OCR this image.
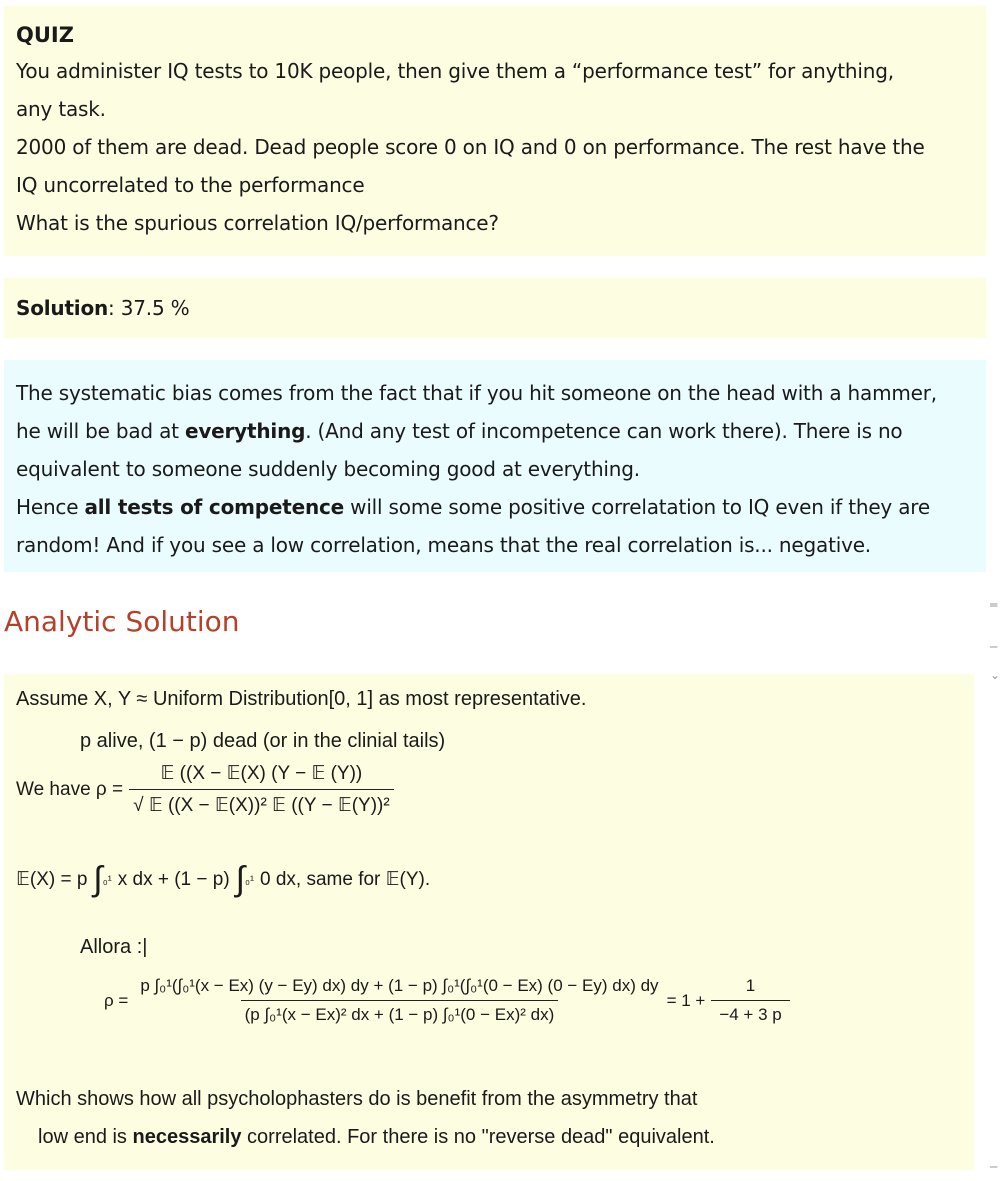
QUIZ
You administer IQ tests to 10K people, then give them a “performance test” for anything,
any task.
2000 of them are dead. Dead people score 0 on IQ and 0 on performance. The rest have the
IQ uncorrelated to the performance
What is the spurious correlation IQ/performance?
Solution : 37.5 %
The systematic bias comes from the fact that if you hit someone on the head with a hammer,
he will be bad at everything. (And any test of incompetence can work there). There is no
equivalent to someone suddenly becoming good at everything.
Hence all tests of competence will some some positive correlatation to IQ even if they are
random! And if you see a low correlation, means that the real correlation is... negative.
Analytic Solution	═
─
⌄
─
Assume X, Y ≈ Uniform Distribution[0, 1] as most representative.
p alive, (1 − p) dead (or in the clinial tails)
We have $\rho = \frac{\text{𝔼 ((X − 𝔼(X) (Y − 𝔼 (Y))}}{\text{√ 𝔼 ((X − 𝔼(X))² 𝔼 ((Y − 𝔼(Y))²}}$
𝔼(X) = p ∫ ₀¹ x dx + (1 − p) ∫ ₀¹ 0 dx, same for 𝔼(Y).
Allora :|
ρ =
p ∫₀¹(∫₀¹(x − Ex) (y − Ey) dx) dy + (1 − p) ∫₀¹(∫₀¹(0 − Ex) (0 − Ey) dx) dy
(p ∫₀¹(x − Ex)² dx + (1 − p) ∫₀¹(0 − Ex)² dx)
= $1 + \frac{1}{-4 + 3 p}$
Which shows how all psycholophasters do is benefit from the asymmetry that
low end is necessarily correlated. For there is no "reverse dead" equivalent.
